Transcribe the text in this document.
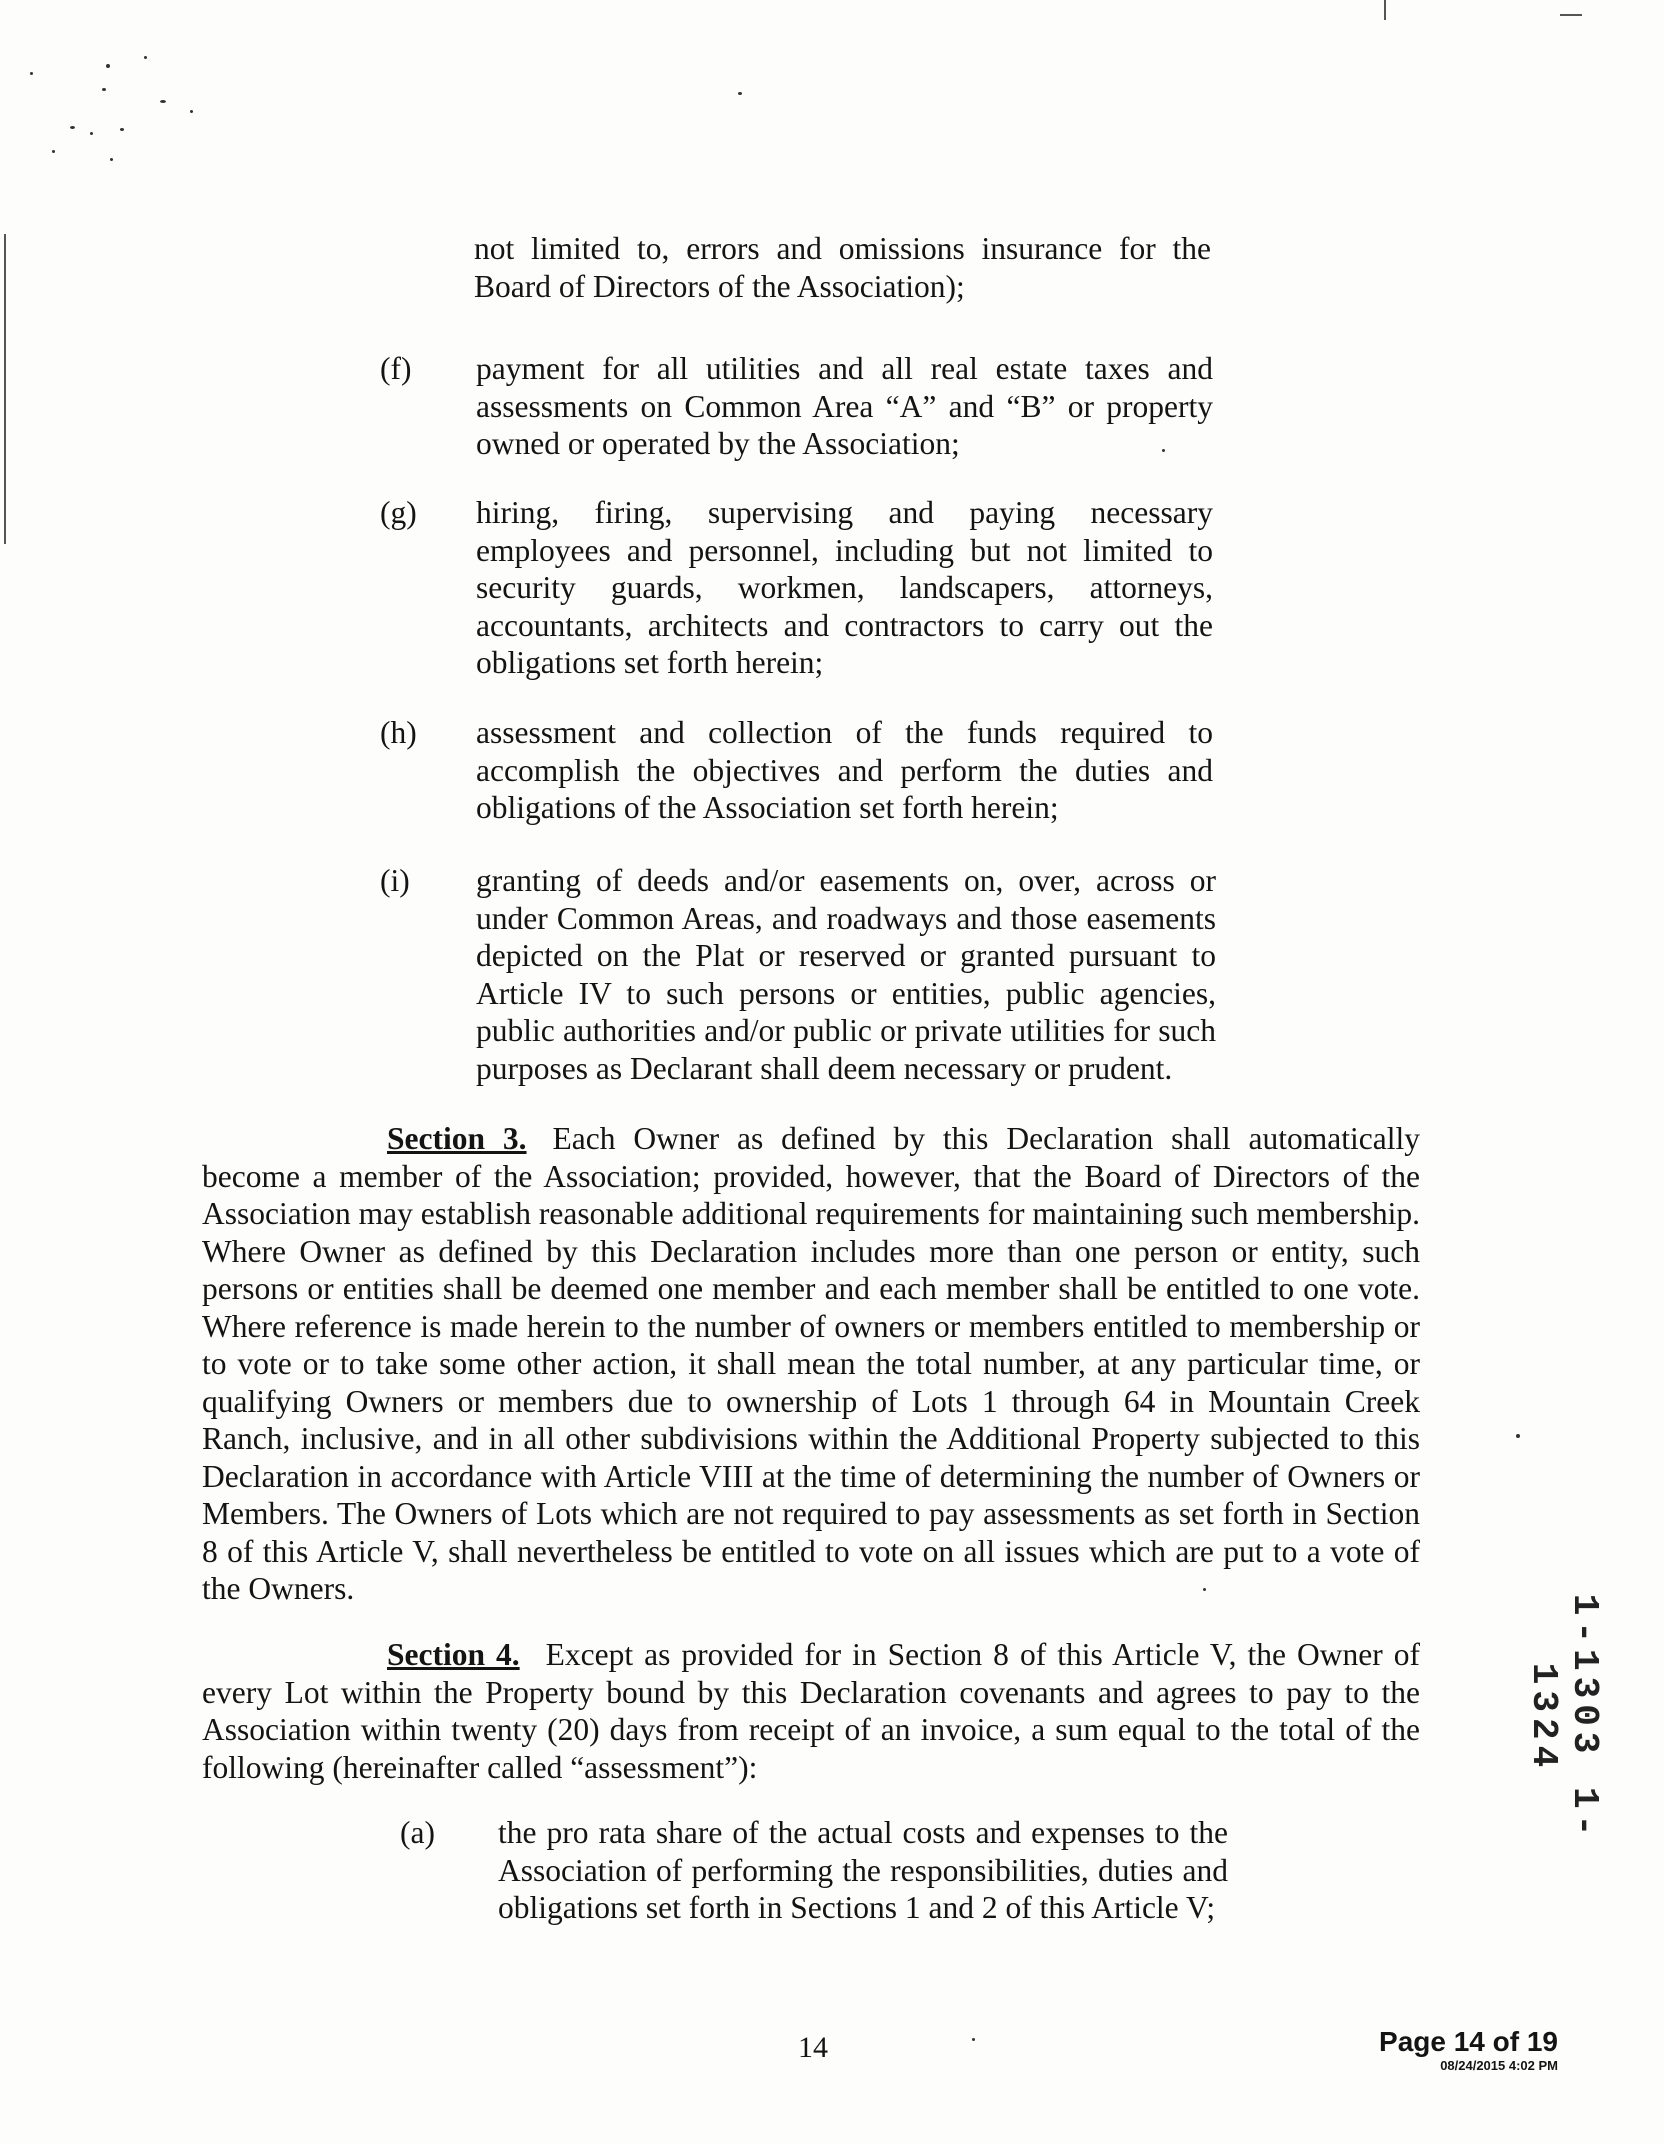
not limited to, errors and omissions insurance for the Board of Directors of the Association);
(f)	payment for all utilities and all real estate taxes and assessments on Common Area “A” and “B” or property owned or operated by the Association;
(g)	hiring, firing, supervising and paying necessary employees and personnel, including but not limited to security guards, workmen, landscapers, attorneys, accountants, architects and contractors to carry out the obligations set forth herein;
(h)	assessment and collection of the funds required to accomplish the objectives and perform the duties and obligations of the Association set forth herein;
(i)	granting of deeds and/or easements on, over, across or under Common Areas, and roadways and those easements depicted on the Plat or reserved or granted pursuant to Article IV to such persons or entities, public agencies, public authorities and/or public or private utilities for such purposes as Declarant shall deem necessary or prudent.
Section 3. Each Owner as defined by this Declaration shall automatically become a member of the Association; provided, however, that the Board of Directors of the Association may establish reasonable additional requirements for maintaining such membership. Where Owner as defined by this Declaration includes more than one person or entity, such persons or entities shall be deemed one member and each member shall be entitled to one vote. Where reference is made herein to the number of owners or members entitled to membership or to vote or to take some other action, it shall mean the total number, at any particular time, or qualifying Owners or members due to ownership of Lots 1 through 64 in Mountain Creek Ranch, inclusive, and in all other subdivisions within the Additional Property subjected to this Declaration in accordance with Article VIII at the time of determining the number of Owners or Members. The Owners of Lots which are not required to pay assessments as set forth in Section 8 of this Article V, shall nevertheless be entitled to vote on all issues which are put to a vote of the Owners.
Section 4. Except as provided for in Section 8 of this Article V, the Owner of every Lot within the Property bound by this Declaration covenants and agrees to pay to the Association within twenty (20) days from receipt of an invoice, a sum equal to the total of the following (hereinafter called “assessment”):
(a)	the pro rata share of the actual costs and expenses to the Association of performing the responsibilities, duties and obligations set forth in Sections 1 and 2 of this Article V;
1-1303 1-1324
14	Page 14 of 19
08/24/2015 4:02 PM
